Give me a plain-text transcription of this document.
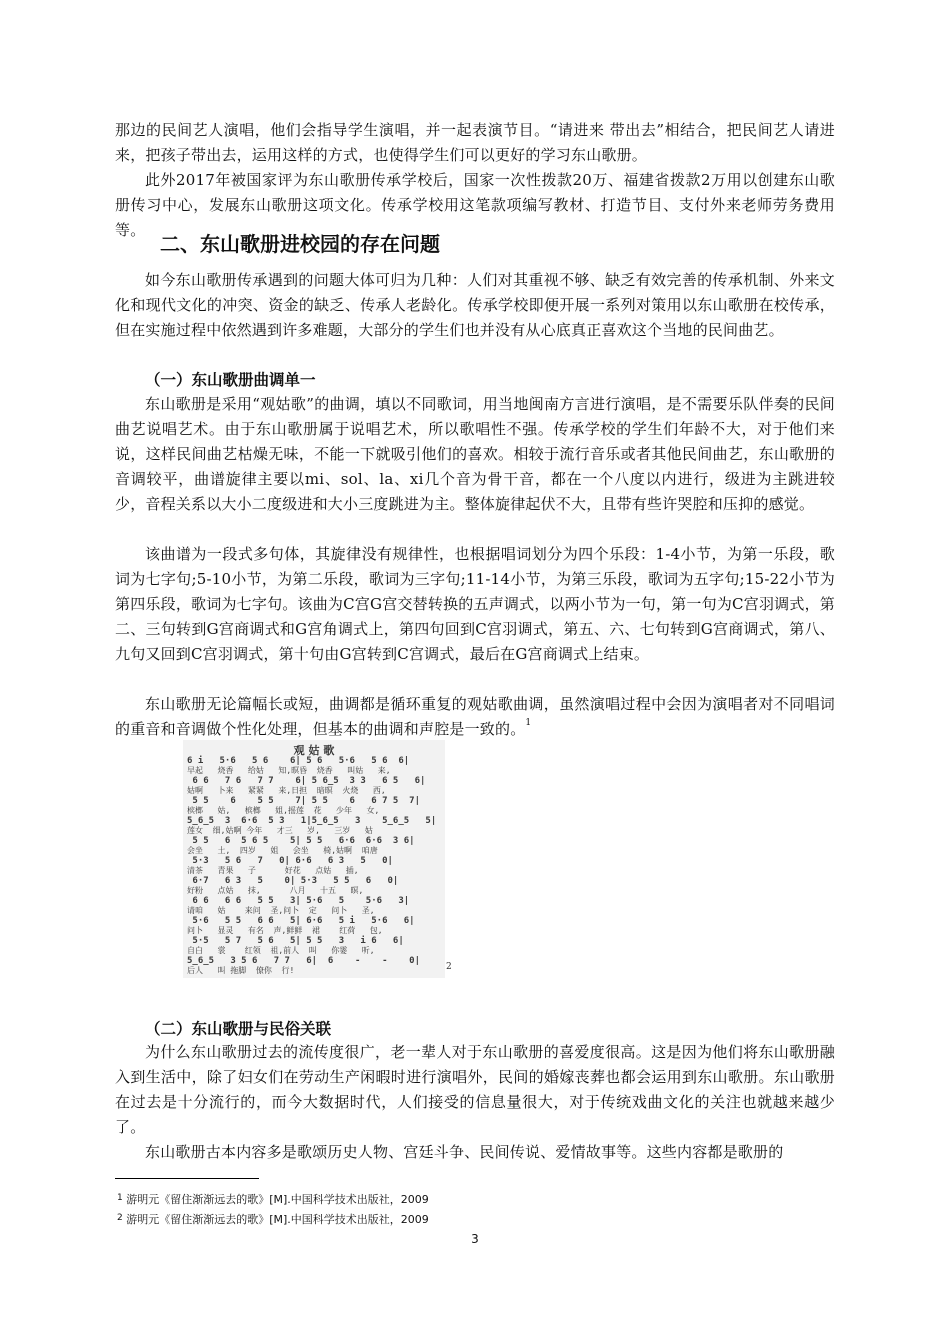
那边的民间艺人演唱，他们会指导学生演唱，并一起表演节目。“请进来 带出去”相结合，把民间艺人请进来，把孩子带出去，运用这样的方式，也使得学生们可以更好的学习东山歌册。

此外2017年被国家评为东山歌册传承学校后，国家一次性拨款20万、福建省拨款2万用以创建东山歌册传习中心，发展东山歌册这项文化。传承学校用这笔款项编写教材、打造节目、支付外来老师劳务费用等。

二、东山歌册进校园的存在问题

如今东山歌册传承遇到的问题大体可归为几种：人们对其重视不够、缺乏有效完善的传承机制、外来文化和现代文化的冲突、资金的缺乏、传承人老龄化。传承学校即便开展一系列对策用以东山歌册在校传承，但在实施过程中依然遇到许多难题，大部分的学生们也并没有从心底真正喜欢这个当地的民间曲艺。

（一）东山歌册曲调单一

东山歌册是采用“观姑歌”的曲调，填以不同歌词，用当地闽南方言进行演唱，是不需要乐队伴奏的民间曲艺说唱艺术。由于东山歌册属于说唱艺术，所以歌唱性不强。传承学校的学生们年龄不大，对于他们来说，这样民间曲艺枯燥无味，不能一下就吸引他们的喜欢。相较于流行音乐或者其他民间曲艺，东山歌册的音调较平，曲谱旋律主要以mi、sol、la、xi几个音为骨干音，都在一个八度以内进行，级进为主跳进较少，音程关系以大小二度级进和大小三度跳进为主。整体旋律起伏不大，且带有些许哭腔和压抑的感觉。

该曲谱为一段式多句体，其旋律没有规律性，也根据唱词划分为四个乐段：1-4小节，为第一乐段，歌词为七字句;5-10小节，为第二乐段，歌词为三字句;11-14小节，为第三乐段，歌词为五字句;15-22小节为第四乐段，歌词为七字句。该曲为C宫G宫交替转换的五声调式，以两小节为一句，第一句为C宫羽调式，第二、三句转到G宫商调式和G宫角调式上，第四句回到C宫羽调式，第五、六、七句转到G宫商调式，第八、九句又回到C宫羽调式，第十句由G宫转到C宫调式，最后在G宫商调式上结束。

东山歌册无论篇幅长或短，曲调都是循环重复的观姑歌曲调，虽然演唱过程中会因为演唱者对不同唱词的重音和音调做个性化处理，但基本的曲调和声腔是一致的。$^1$

观 姑 歌
6 i   5·6   5 6    6| 5 6   5·6   5 6  6|
早起   烧香   给姑   知,暝昏  烧香   叫姑   来,
6 6   7 6   7 7    6| 5 6̲5  3 3   6 5   6|
姑啊   卜来   紧紧   来,日担  暗暝  火烧   西,
5 5    6    5 5    7| 5 5    6   6 7 5  7|
槟榔   姑,   槟榔   姐,摇莲  花   少年   女,
5̲6̲5  3  6·6  5 3   1|5̲6̲5   3    5̲6̲5   5|
莲女  细,姑啊 今年   才三   岁,   三岁   姑
5 5   6  5 6 5    5| 5 5   6·6  6·6  3 6|
会坐   土,  四岁   姐   会坐   椅,姑啊  咱唐
5·3   5 6   7   0| 6·6   6 3   5   0|
清茶   青果   子      好花   点姑   插,
6·7   6 3   5    0| 5·3   5 5   6   0|
好粉   点姑   抹,      八月   十五   暝,
6 6   6 6   5 5   3| 5·6   5    5·6   3|
请咱   姑    来问  圣,问卜  定   问卜   圣,
5·6   5 5   6 6   5| 6·6   5 i   5·6   6|
问卜   显灵   有名  声,鲜鲜  裙    红荷   包,
5·5   5 7   5 6   5| 5 5   3   i 6   6|
自白   裳    红领  祖,前人  叫   你霎   听,
5̲6̲5   3 5 6   7 7   6|  6    -    -    0|
后人   叫 拖脚  僚你  行!	2
（二）东山歌册与民俗关联

为什么东山歌册过去的流传度很广，老一辈人对于东山歌册的喜爱度很高。这是因为他们将东山歌册融入到生活中，除了妇女们在劳动生产闲暇时进行演唱外，民间的婚嫁丧葬也都会运用到东山歌册。东山歌册在过去是十分流行的，而今大数据时代，人们接受的信息量很大，对于传统戏曲文化的关注也就越来越少了。

东山歌册古本内容多是歌颂历史人物、宫廷斗争、民间传说、爱情故事等。这些内容都是歌册的

$^1$ 游明元《留住渐渐远去的歌》[M].中国科学技术出版社，2009
$^2$ 游明元《留住渐渐远去的歌》[M].中国科学技术出版社，2009
3
